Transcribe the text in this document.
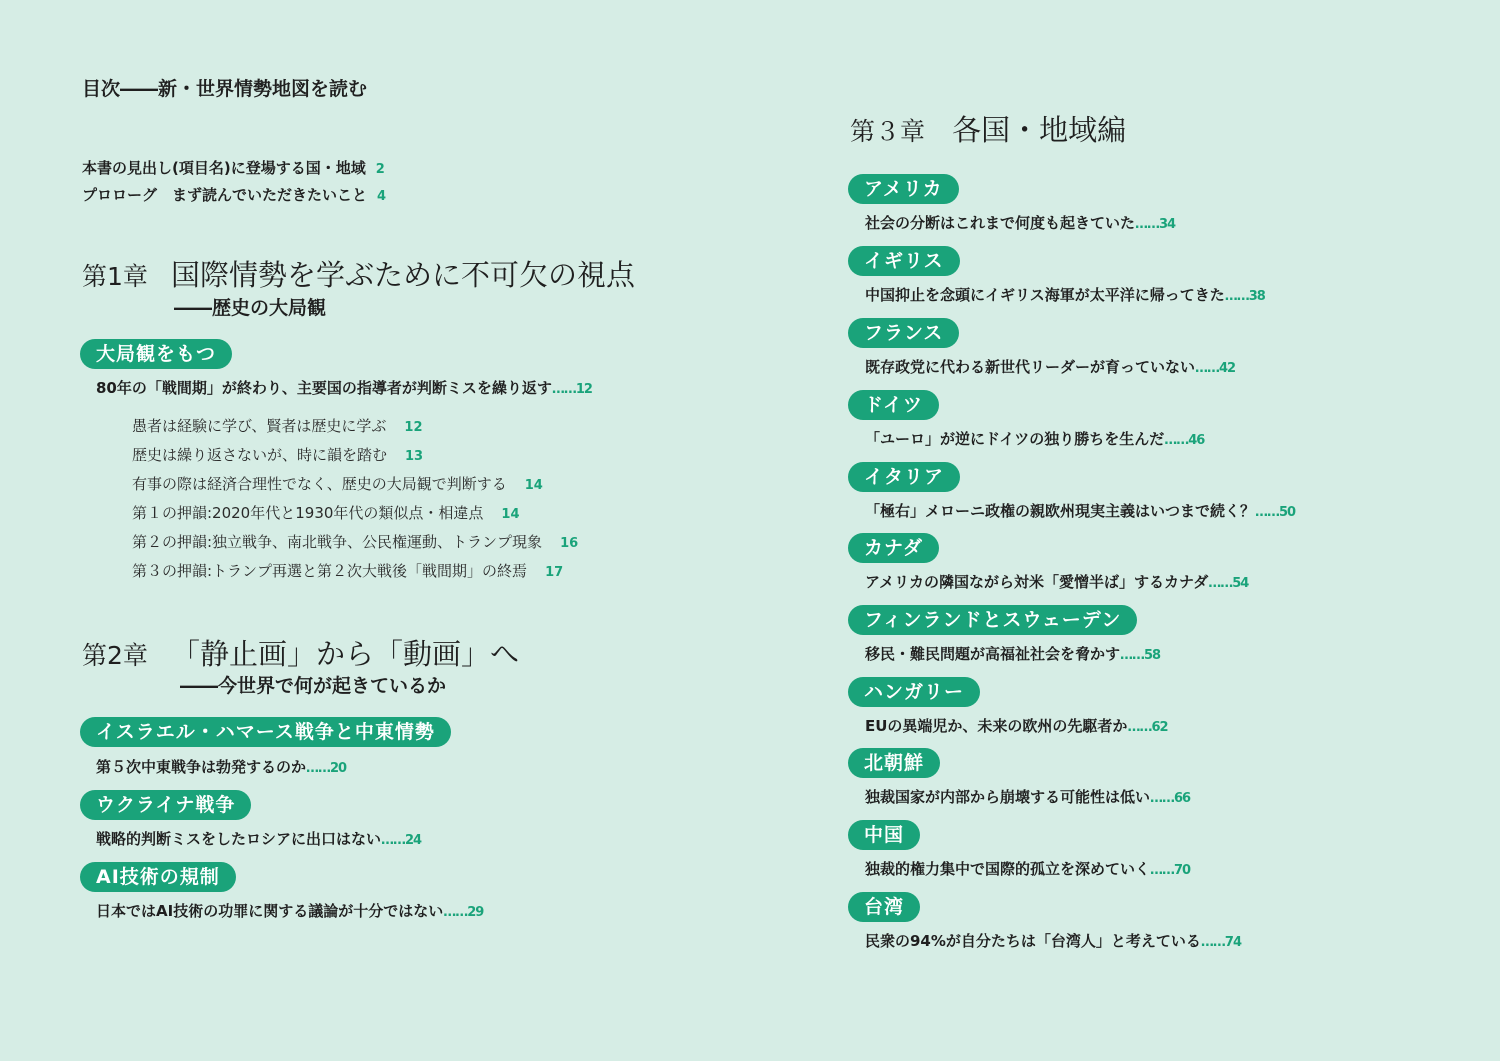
目次――新・世界情勢地図を読む
本書の見出し(項目名)に登場する国・地域 2
プロローグ　まず読んでいただきたいこと 4
第1章 国際情勢を学ぶために不可欠の視点
――歴史の大局観
大局観をもつ
80年の「戦間期」が終わり、主要国の指導者が判断ミスを繰り返す……12
愚者は経験に学び、賢者は歴史に学ぶ 12
歴史は繰り返さないが、時に韻を踏む 13
有事の際は経済合理性でなく、歴史の大局観で判断する 14
第１の押韻:2020年代と1930年代の類似点・相違点 14
第２の押韻:独立戦争、南北戦争、公民権運動、トランプ現象 16
第３の押韻:トランプ再選と第２次大戦後「戦間期」の終焉 17
第2章 「静止画」から「動画」へ
――今世界で何が起きているか
イスラエル・ハマース戦争と中東情勢
第５次中東戦争は勃発するのか……20
ウクライナ戦争
戦略的判断ミスをしたロシアに出口はない……24
AI技術の規制
日本ではAI技術の功罪に関する議論が十分ではない……29
第３章 各国・地域編
アメリカ
社会の分断はこれまで何度も起きていた……34
イギリス
中国抑止を念頭にイギリス海軍が太平洋に帰ってきた……38
フランス
既存政党に代わる新世代リーダーが育っていない……42
ドイツ
「ユーロ」が逆にドイツの独り勝ちを生んだ……46
イタリア
「極右」メローニ政権の親欧州現実主義はいつまで続く？……50
カナダ
アメリカの隣国ながら対米「愛憎半ば」するカナダ……54
フィンランドとスウェーデン
移民・難民問題が高福祉社会を脅かす……58
ハンガリー
EUの異端児か、未来の欧州の先駆者か……62
北朝鮮
独裁国家が内部から崩壊する可能性は低い……66
中国
独裁的権力集中で国際的孤立を深めていく……70
台湾
民衆の94%が自分たちは「台湾人」と考えている……74
